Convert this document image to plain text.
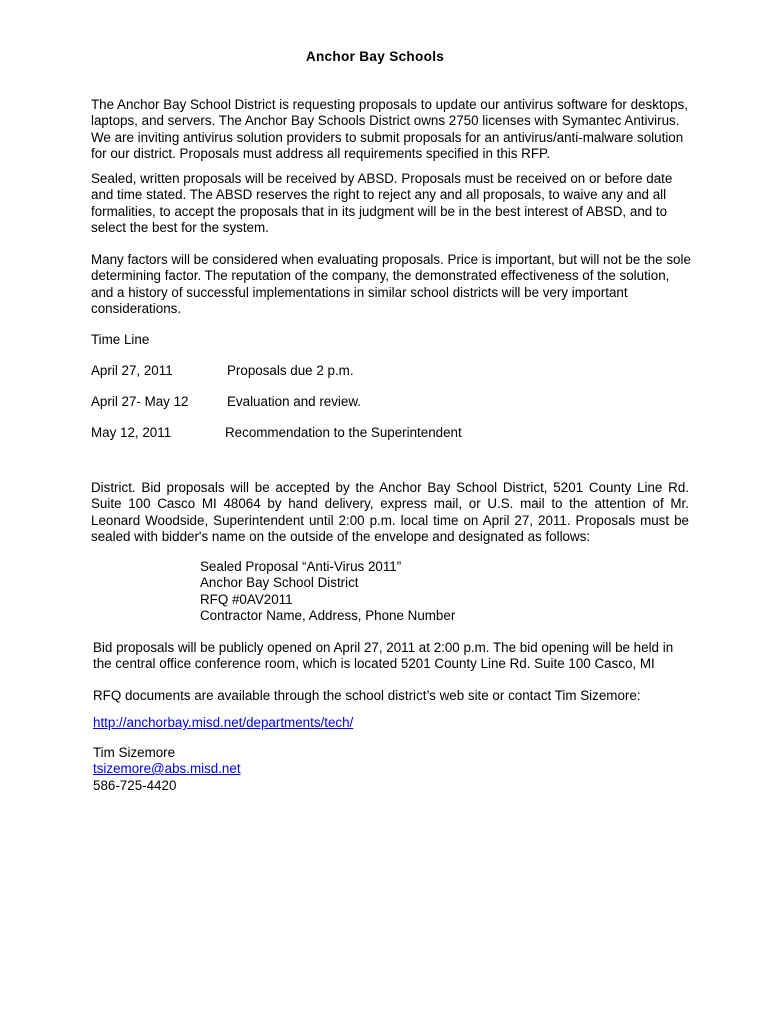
Anchor Bay Schools

The Anchor Bay School District is requesting proposals to update our antivirus software for desktops, laptops, and servers. The Anchor Bay Schools District owns 2750 licenses with Symantec Antivirus. We are inviting antivirus solution providers to submit proposals for an antivirus/anti-malware solution for our district. Proposals must address all requirements specified in this RFP.

Sealed, written proposals will be received by ABSD. Proposals must be received on or before date and time stated. The ABSD reserves the right to reject any and all proposals, to waive any and all formalities, to accept the proposals that in its judgment will be in the best interest of ABSD, and to select the best for the system.

Many factors will be considered when evaluating proposals. Price is important, but will not be the sole determining factor. The reputation of the company, the demonstrated effectiveness of the solution, and a history of successful implementations in similar school districts will be very important considerations.

Time Line
April 27, 2011	Proposals due 2 p.m.
April 27- May 12	Evaluation and review.
May 12, 2011	Recommendation to the Superintendent

District. Bid proposals will be accepted by the Anchor Bay School District, 5201 County Line Rd. Suite 100 Casco MI 48064 by hand delivery, express mail, or U.S. mail to the attention of Mr. Leonard Woodside, Superintendent until 2:00 p.m. local time on April 27, 2011. Proposals must be sealed with bidder's name on the outside of the envelope and designated as follows:

Sealed Proposal “Anti-Virus 2011”
Anchor Bay School District
RFQ #0AV2011
Contractor Name, Address, Phone Number

Bid proposals will be publicly opened on April 27, 2011 at 2:00 p.m. The bid opening will be held in the central office conference room, which is located 5201 County Line Rd. Suite 100 Casco, MI

RFQ documents are available through the school district’s web site or contact Tim Sizemore:
http://anchorbay.misd.net/departments/tech/
Tim Sizemore
tsizemore@abs.misd.net
586-725-4420
